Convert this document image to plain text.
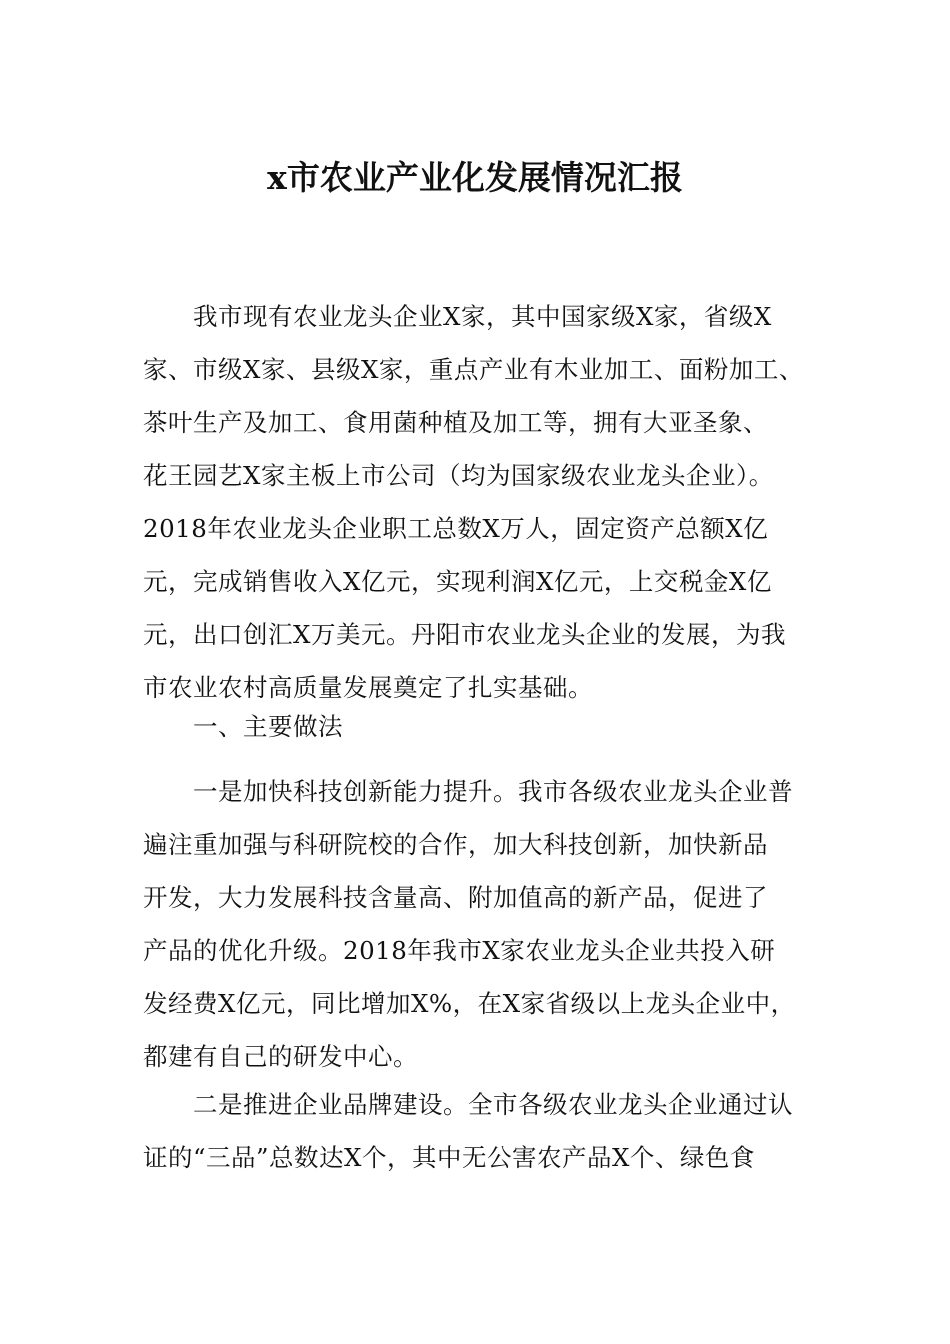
x市农业产业化发展情况汇报
　　我市现有农业龙头企业X家，其中国家级X家，省级X
家、市级X家、县级X家，重点产业有木业加工、面粉加工、
茶叶生产及加工、食用菌种植及加工等，拥有大亚圣象、
花王园艺X家主板上市公司（均为国家级农业龙头企业）。
2018年农业龙头企业职工总数X万人，固定资产总额X亿
元，完成销售收入X亿元，实现利润X亿元，上交税金X亿
元，出口创汇X万美元。丹阳市农业龙头企业的发展，为我
市农业农村高质量发展奠定了扎实基础。
　　一、主要做法
　　一是加快科技创新能力提升。我市各级农业龙头企业普
遍注重加强与科研院校的合作，加大科技创新，加快新品
开发，大力发展科技含量高、附加值高的新产品，促进了
产品的优化升级。2018年我市X家农业龙头企业共投入研
发经费X亿元，同比增加X%，在X家省级以上龙头企业中，
都建有自己的研发中心。
　　二是推进企业品牌建设。全市各级农业龙头企业通过认
证的“三品”总数达X个，其中无公害农产品X个、绿色食
